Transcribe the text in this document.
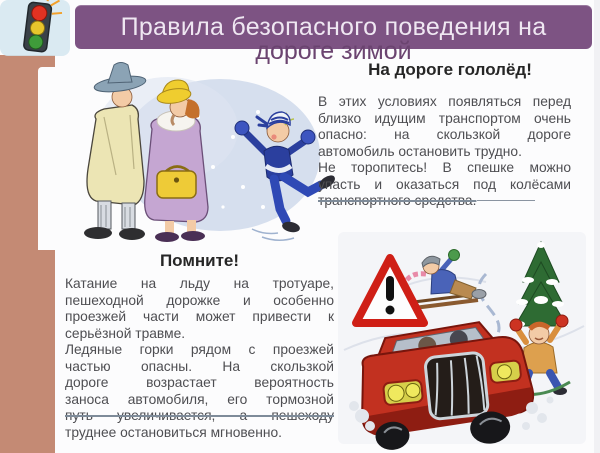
Правила безопасного поведения на
дороге зимой
На дороге гололёд!
В этих условиях появляться перед
близко идущим транспортом очень
опасно: на скользкой дороге
автомобиль остановить трудно.
Не торопитесь! В спешке можно
упасть и оказаться под колёсами
транспортного средства.
Помните!
Катание на льду на тротуаре,
пешеходной дорожке и особенно
проезжей части может привести к
серьёзной травме.
Ледяные горки рядом с проезжей
частью опасны. На скользкой
дороге возрастает вероятность
заноса автомобиля, его тормозной
путь увеличивается, а пешеходу
труднее остановиться мгновенно.
